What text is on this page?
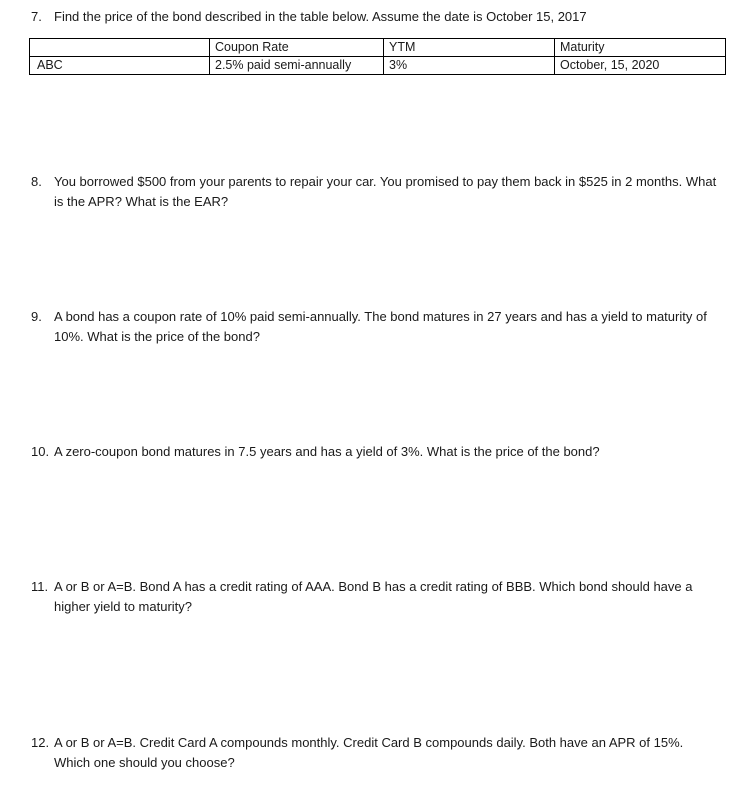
7. Find the price of the bond described in the table below. Assume the date is October 15, 2017
	Coupon Rate	YTM	Maturity
ABC	2.5% paid semi-annually	3%	October, 15, 2020
8. You borrowed $500 from your parents to repair your car. You promised to pay them back in $525 in 2 months. What is the APR? What is the EAR?
9. A bond has a coupon rate of 10% paid semi-annually. The bond matures in 27 years and has a yield to maturity of 10%. What is the price of the bond?
10. A zero-coupon bond matures in 7.5 years and has a yield of 3%. What is the price of the bond?
11. A or B or A=B. Bond A has a credit rating of AAA. Bond B has a credit rating of BBB. Which bond should have a higher yield to maturity?
12. A or B or A=B. Credit Card A compounds monthly. Credit Card B compounds daily. Both have an APR of 15%. Which one should you choose?
